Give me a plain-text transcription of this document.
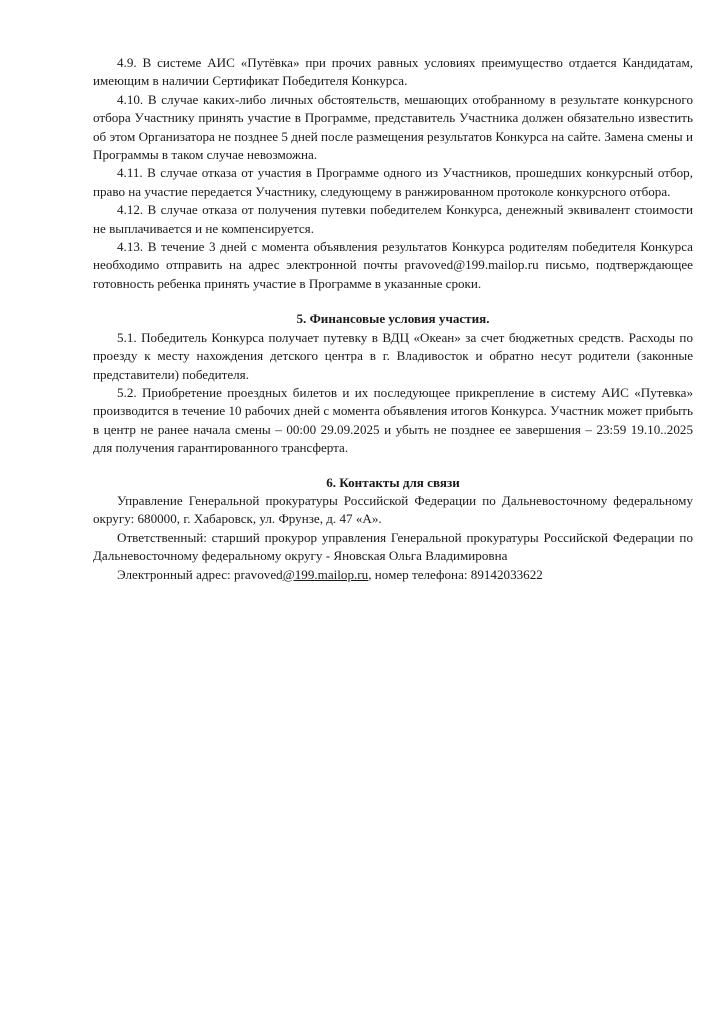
4.9. В системе АИС «Путёвка» при прочих равных условиях преимущество отдается Кандидатам, имеющим в наличии Сертификат Победителя Конкурса.

4.10. В случае каких-либо личных обстоятельств, мешающих отобранному в результате конкурсного отбора Участнику принять участие в Программе, представитель Участника должен обязательно известить об этом Организатора не позднее 5 дней после размещения результатов Конкурса на сайте. Замена смены и Программы в таком случае невозможна.

4.11. В случае отказа от участия в Программе одного из Участников, прошедших конкурсный отбор, право на участие передается Участнику, следующему в ранжированном протоколе конкурсного отбора.

4.12. В случае отказа от получения путевки победителем Конкурса, денежный эквивалент стоимости не выплачивается и не компенсируется.

4.13. В течение 3 дней с момента объявления результатов Конкурса родителям победителя Конкурса необходимо отправить на адрес электронной почты pravoved@199.mailop.ru письмо, подтверждающее готовность ребенка принять участие в Программе в указанные сроки.

5. Финансовые условия участия.

5.1. Победитель Конкурса получает путевку в ВДЦ «Океан» за счет бюджетных средств. Расходы по проезду к месту нахождения детского центра в г. Владивосток и обратно несут родители (законные представители) победителя.

5.2. Приобретение проездных билетов и их последующее прикрепление в систему АИС «Путевка» производится в течение 10 рабочих дней с момента объявления итогов Конкурса. Участник может прибыть в центр не ранее начала смены – 00:00 29.09.2025 и убыть не позднее ее завершения – 23:59 19.10..2025 для получения гарантированного трансферта.

6. Контакты для связи

Управление Генеральной прокуратуры Российской Федерации по Дальневосточному федеральному округу: 680000, г. Хабаровск, ул. Фрунзе, д. 47 «А».

Ответственный: старший прокурор управления Генеральной прокуратуры Российской Федерации по Дальневосточному федеральному округу - Яновская Ольга Владимировна

Электронный адрес: pravoved@199.mailop.ru, номер телефона: 89142033622
